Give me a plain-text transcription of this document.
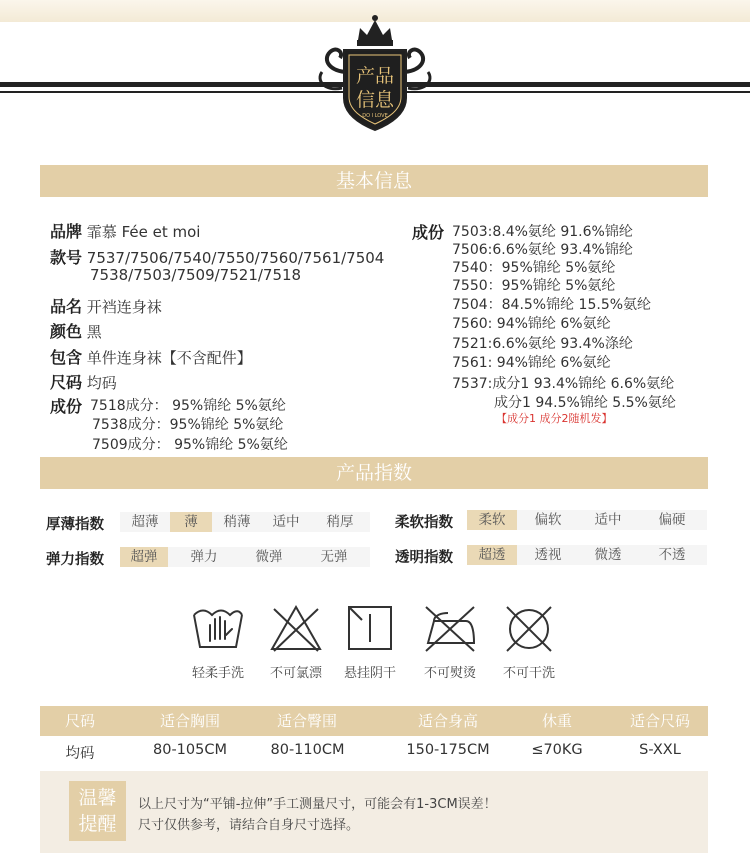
产品
信息
DO I LOVE
基本信息
品牌 霏慕 Fée et moi
款号 7537/7506/7540/7550/7560/7561/7504
7538/7503/7509/7521/7518
品名 开裆连身袜
颜色 黑
包含 单件连身袜【不含配件】
尺码 均码
成份 7518成分： 95%锦纶 5%氨纶
7538成分：95%锦纶 5%氨纶
7509成分： 95%锦纶 5%氨纶
成份 7503:8.4%氨纶 91.6%锦纶
7506:6.6%氨纶 93.4%锦纶
7540：95%锦纶 5%氨纶
7550：95%锦纶 5%氨纶
7504：84.5%锦纶 15.5%氨纶
7560: 94%锦纶 6%氨纶
7521:6.6%氨纶 93.4%涤纶
7561: 94%锦纶 6%氨纶
7537:成分1 93.4%锦纶 6.6%氨纶
成分1 94.5%锦纶 5.5%氨纶
【成分1 成分2随机发】
产品指数
厚薄指数	超薄	薄	稍薄	适中	稍厚	柔软指数	柔软	偏软	适中	偏硬
弹力指数	超弹	弹力	微弹	无弹	透明指数	超透	透视	微透	不透
轻柔手洗	不可氯漂	悬挂阴干	不可熨烫	不可干洗
尺码	适合胸围	适合臀围	适合身高	休重	适合尺码
均码	80-105CM	80-110CM	150-175CM	≤70KG	S-XXL
温馨
提醒
以上尺寸为“平铺-拉伸”手工测量尺寸，可能会有1-3CM误差！
尺寸仅供参考，请结合自身尺寸选择。
